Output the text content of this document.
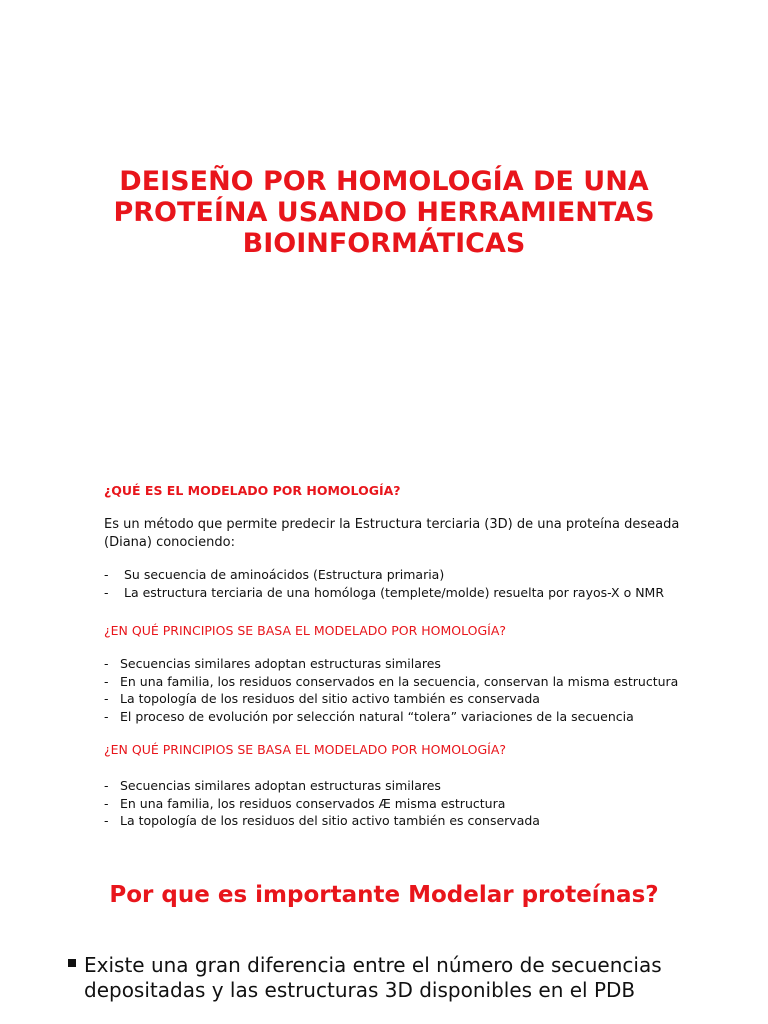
DEISEÑO POR HOMOLOGÍA DE UNA
PROTEÍNA USANDO HERRAMIENTAS
BIOINFORMÁTICAS
¿QUÉ ES EL MODELADO POR HOMOLOGÍA?
Es un método que permite predecir la Estructura terciaria (3D) de una proteína deseada
(Diana) conociendo:
- Su secuencia de aminoácidos (Estructura primaria)
- La estructura terciaria de una homóloga (templete/molde) resuelta por rayos-X o NMR
¿EN QUÉ PRINCIPIOS SE BASA EL MODELADO POR HOMOLOGÍA?
- Secuencias similares adoptan estructuras similares
- En una familia, los residuos conservados en la secuencia, conservan la misma estructura
- La topología de los residuos del sitio activo también es conservada
- El proceso de evolución por selección natural “tolera” variaciones de la secuencia
¿EN QUÉ PRINCIPIOS SE BASA EL MODELADO POR HOMOLOGÍA?
- Secuencias similares adoptan estructuras similares
- En una familia, los residuos conservados Æ misma estructura
- La topología de los residuos del sitio activo también es conservada
Por que es importante Modelar proteínas?
Existe una gran diferencia entre el número de secuencias
depositadas y las estructuras 3D disponibles en el PDB
